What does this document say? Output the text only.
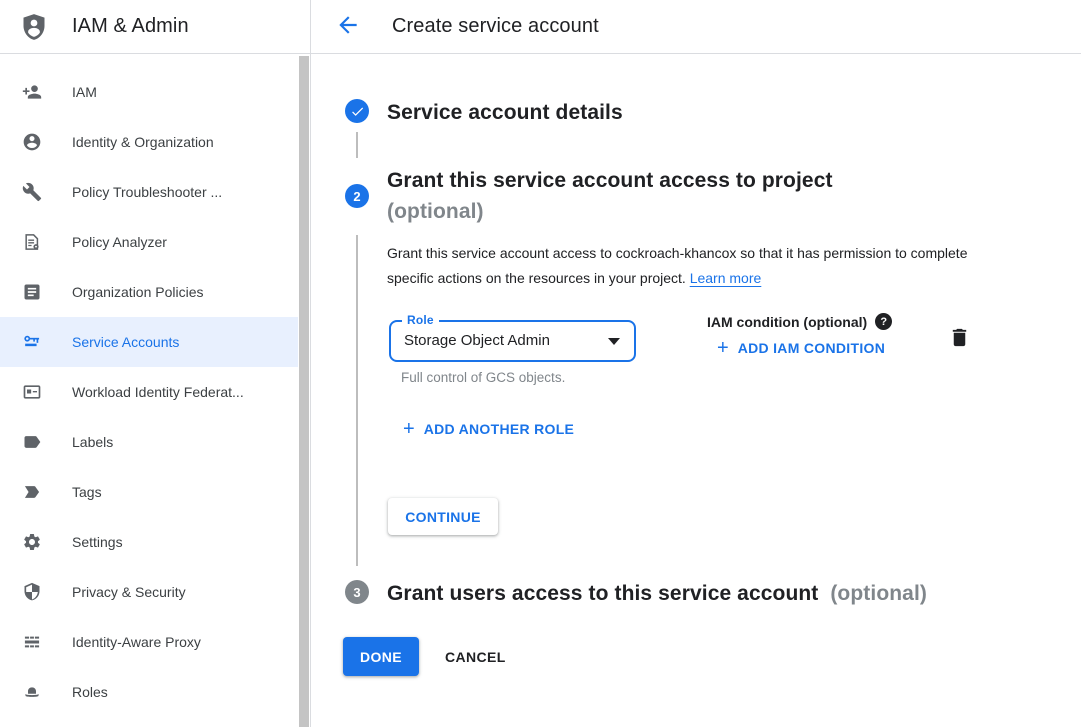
IAM & Admin
IAM
Identity & Organization
Policy Troubleshooter ...
Policy Analyzer
Organization Policies
Service Accounts
Workload Identity Federat...
Labels
Tags
Settings
Privacy & Security
Identity-Aware Proxy
Roles
Create service account
Service account details
2
Grant this service account access to project
(optional)
Grant this service account access to cockroach-khancox so that it has permission to complete specific actions on the resources in your project. Learn more
Role
Storage Object Admin
Full control of GCS objects.
IAM condition (optional)	?
+ ADD IAM CONDITION
+ ADD ANOTHER ROLE
CONTINUE
3 Grant users access to this service account (optional)
DONE	CANCEL
